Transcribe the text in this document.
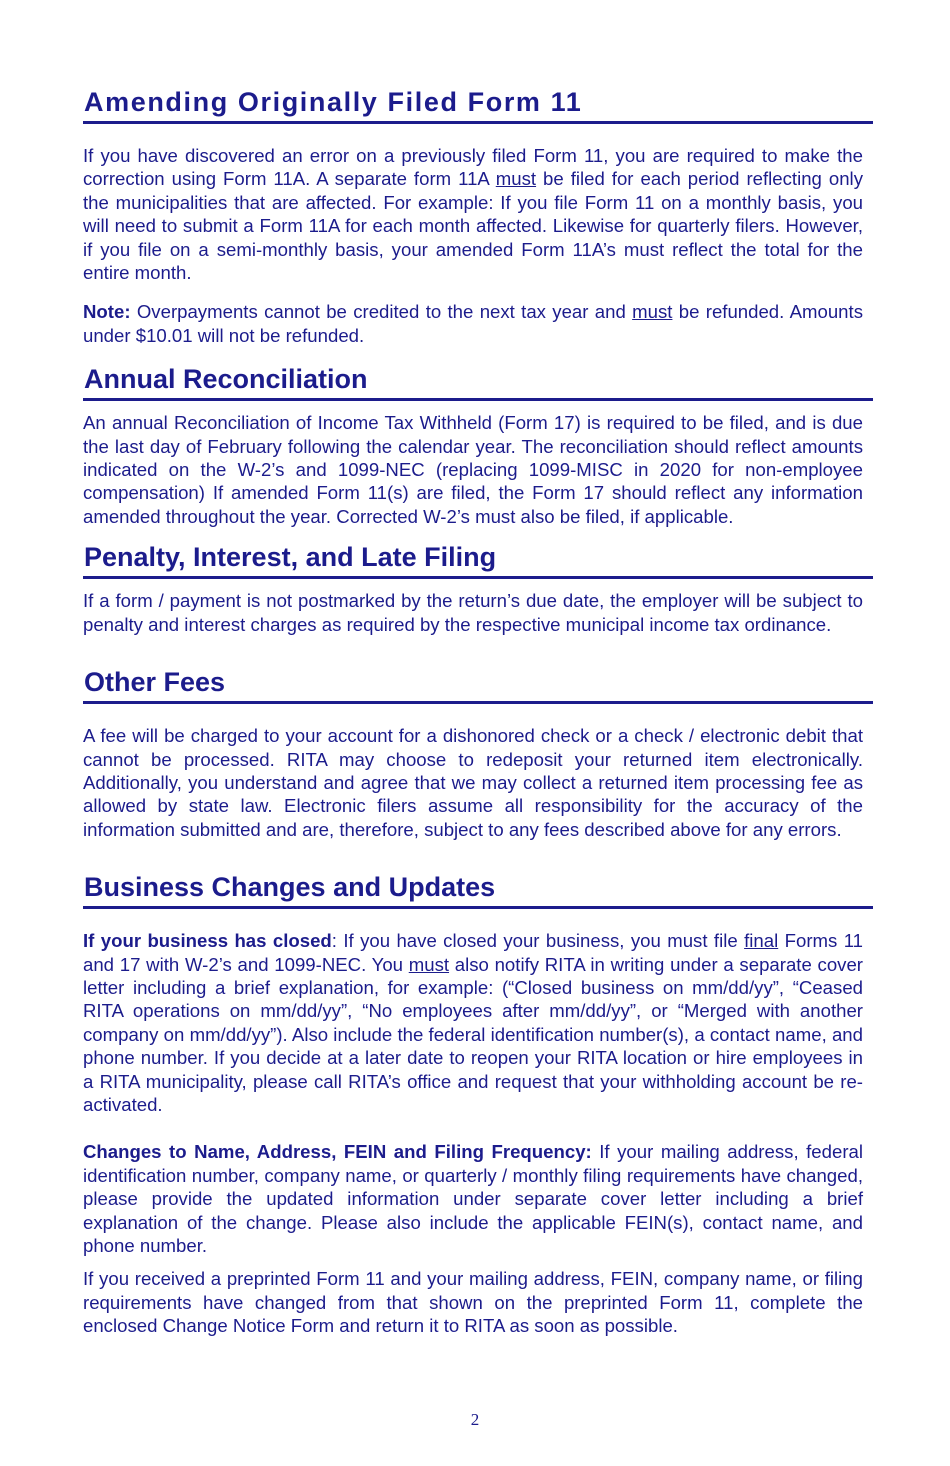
Amending Originally Filed Form 11

If you have discovered an error on a previously filed Form 11, you are required to make the correction using Form 11A. A separate form 11A must be filed for each period reflecting only the municipalities that are affected. For example: If you file Form 11 on a monthly basis, you will need to submit a Form 11A for each month affected. Likewise for quarterly filers. However, if you file on a semi-monthly basis, your amended Form 11A’s must reflect the total for the entire month.

Note: Overpayments cannot be credited to the next tax year and must be refunded. Amounts under $10.01 will not be refunded.

Annual Reconciliation

An annual Reconciliation of Income Tax Withheld (Form 17) is required to be filed, and is due the last day of February following the calendar year. The reconciliation should reflect amounts indicated on the W-2’s and 1099-NEC (replacing 1099-MISC in 2020 for non-employee compensation) If amended Form 11(s) are filed, the Form 17 should reflect any information amended throughout the year. Corrected W-2’s must also be filed, if applicable.

Penalty, Interest, and Late Filing

If a form / payment is not postmarked by the return’s due date, the employer will be subject to penalty and interest charges as required by the respective municipal income tax ordinance.

Other Fees

A fee will be charged to your account for a dishonored check or a check / electronic debit that cannot be processed. RITA may choose to redeposit your returned item electronically. Additionally, you understand and agree that we may collect a returned item processing fee as allowed by state law. Electronic filers assume all responsibility for the accuracy of the information submitted and are, therefore, subject to any fees described above for any errors.

Business Changes and Updates

If your business has closed: If you have closed your business, you must file final Forms 11 and 17 with W-2’s and 1099-NEC. You must also notify RITA in writing under a separate cover letter including a brief explanation, for example: (“Closed business on mm/dd/yy”, “Ceased RITA operations on mm/dd/yy”, “No employees after mm/dd/yy”, or “Merged with another company on mm/dd/yy”). Also include the federal identification number(s), a contact name, and phone number. If you decide at a later date to reopen your RITA location or hire employees in a RITA municipality, please call RITA’s office and request that your withholding account be re-activated.

Changes to Name, Address, FEIN and Filing Frequency: If your mailing address, federal identification number, company name, or quarterly / monthly filing requirements have changed, please provide the updated information under separate cover letter including a brief explanation of the change. Please also include the applicable FEIN(s), contact name, and phone number.

If you received a preprinted Form 11 and your mailing address, FEIN, company name, or filing requirements have changed from that shown on the preprinted Form 11, complete the enclosed Change Notice Form and return it to RITA as soon as possible.

2
